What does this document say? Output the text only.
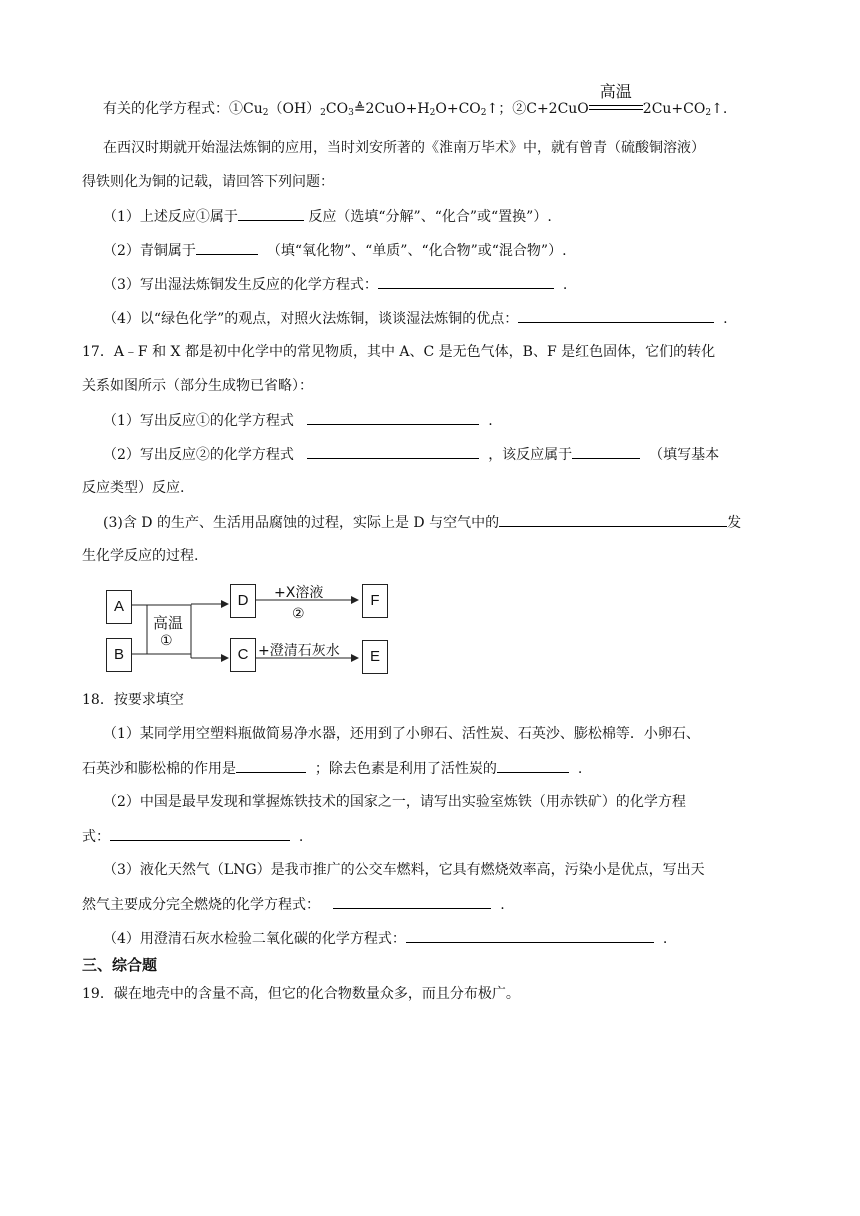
有关的化学方程式：$①Cu_2(OH)_2CO_3≜2CuO+H_2O+CO_2↑$；②C+2CuO
高温
$2Cu+CO_2↑$.
在西汉时期就开始湿法炼铜的应用，当时刘安所著的《淮南万毕术》中，就有曾青（硫酸铜溶液）
得铁则化为铜的记载，请回答下列问题：
（1）上述反应①属于	反应（选填“分解”、“化合”或“置换”）.
（2）青铜属于	（填“氧化物”、“单质”、“化合物”或“混合物”）.
（3）写出湿法炼铜发生反应的化学方程式：	.
（4）以“绿色化学”的观点，对照火法炼铜，谈谈湿法炼铜的优点：	.
17．A﹣F 和 X 都是初中化学中的常见物质，其中 A、C 是无色气体，B、F 是红色固体，它们的转化
关系如图所示（部分生成物已省略）：
（1）写出反应①的化学方程式	.
（2）写出反应②的化学方程式	，该反应属于	（填写基本
反应类型）反应.
(3)含 D 的生产、生活用品腐蚀的过程，实际上是 D 与空气中的	发
生化学反应的过程.
A
B
高温
①
D
C
+X溶液
②
+澄清石灰水
F
E
18．按要求填空
（1）某同学用空塑料瓶做简易净水器，还用到了小卵石、活性炭、石英沙、膨松棉等．小卵石、
石英沙和膨松棉的作用是	；除去色素是利用了活性炭的	.
（2）中国是最早发现和掌握炼铁技术的国家之一，请写出实验室炼铁（用赤铁矿）的化学方程
式：	.
（3）液化天然气（LNG）是我市推广的公交车燃料，它具有燃烧效率高，污染小是优点，写出天
然气主要成分完全燃烧的化学方程式：	.
（4）用澄清石灰水检验二氧化碳的化学方程式：	.
三、综合题
19．碳在地壳中的含量不高，但它的化合物数量众多，而且分布极广。
